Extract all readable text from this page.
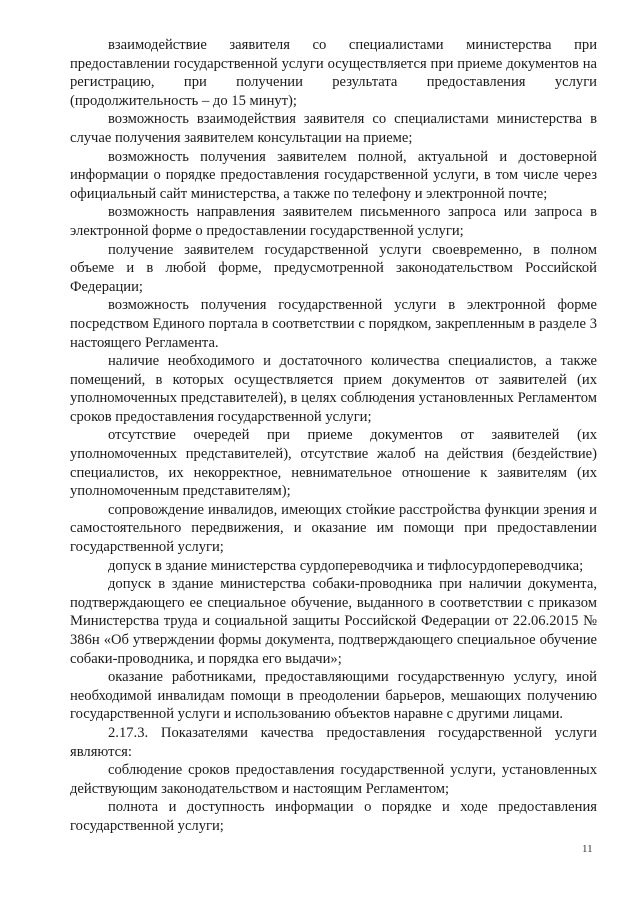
взаимодействие заявителя со специалистами министерства при предоставлении государственной услуги осуществляется при приеме документов на регистрацию, при получении результата предоставления услуги (продолжительность – до 15 минут);

возможность взаимодействия заявителя со специалистами министерства в случае получения заявителем консультации на приеме;

возможность получения заявителем полной, актуальной и достоверной информации о порядке предоставления государственной услуги, в том числе через официальный сайт министерства, а также по телефону и электронной почте;

возможность направления заявителем письменного запроса или запроса в электронной форме о предоставлении государственной услуги;

получение заявителем государственной услуги своевременно, в полном объеме и в любой форме, предусмотренной законодательством Российской Федерации;

возможность получения государственной услуги в электронной форме посредством Единого портала в соответствии с порядком, закрепленным в разделе 3 настоящего Регламента.

наличие необходимого и достаточного количества специалистов, а также помещений, в которых осуществляется прием документов от заявителей (их уполномоченных представителей), в целях соблюдения установленных Регламентом сроков предоставления государственной услуги;

отсутствие очередей при приеме документов от заявителей (их уполномоченных представителей), отсутствие жалоб на действия (бездействие) специалистов, их некорректное, невнимательное отношение к заявителям (их уполномоченным представителям);

сопровождение инвалидов, имеющих стойкие расстройства функции зрения и самостоятельного передвижения, и оказание им помощи при предоставлении государственной услуги;

допуск в здание министерства сурдопереводчика и тифлосурдопереводчика;

допуск в здание министерства собаки-проводника при наличии документа, подтверждающего ее специальное обучение, выданного в соответствии с приказом Министерства труда и социальной защиты Российской Федерации от 22.06.2015 № 386н «Об утверждении формы документа, подтверждающего специальное обучение собаки-проводника, и порядка его выдачи»;

оказание работниками, предоставляющими государственную услугу, иной необходимой инвалидам помощи в преодолении барьеров, мешающих получению государственной услуги и использованию объектов наравне с другими лицами.

2.17.3. Показателями качества предоставления государственной услуги являются:

соблюдение сроков предоставления государственной услуги, установленных действующим законодательством и настоящим Регламентом;

полнота и доступность информации о порядке и ходе предоставления государственной услуги;

11
